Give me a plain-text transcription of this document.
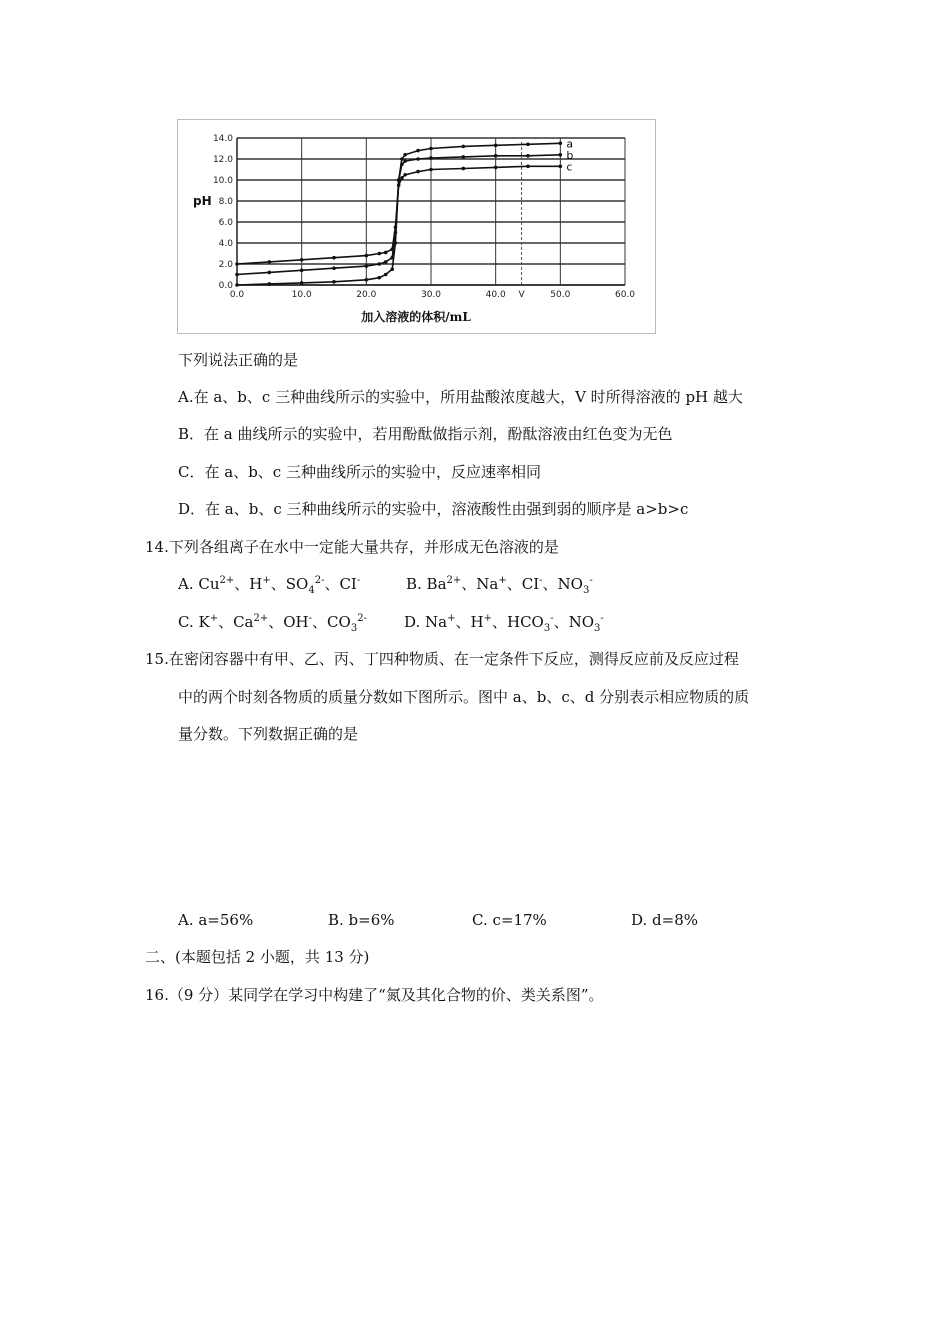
0.0
2.0
4.0
6.0
8.0
10.0
12.0
14.0
0.0	10.0	20.0	30.0	40.0 V	50.0	60.0
pH
加入溶液的体积/mL
a
b
c
下列说法正确的是
A.在 a、b、c 三种曲线所示的实验中，所用盐酸浓度越大，V 时所得溶液的 pH 越大
B．在 a 曲线所示的实验中，若用酚酞做指示剂，酚酞溶液由红色变为无色
C．在 a、b、c 三种曲线所示的实验中，反应速率相同
D．在 a、b、c 三种曲线所示的实验中，溶液酸性由强到弱的顺序是 a>b>c
14.下列各组离子在水中一定能大量共存，并形成无色溶液的是
A. $Cu^{2+}$、H+、$SO_4^{2-}$、CI-	B. $Ba^{2+}$、Na+、CI-、$NO_3^-$
C. K+、$Ca^{2+}$、OH-、$CO_3^{2-}$ D. Na+、H+、$HCO_3^-$、$NO_3^-$
15.在密闭容器中有甲、乙、丙、丁四种物质、在一定条件下反应，测得反应前及反应过程
中的两个时刻各物质的质量分数如下图所示。图中 a、b、c、d 分别表示相应物质的质
量分数。下列数据正确的是
A. a=56%	B. b=6%	C. c=17%	D. d=8%
二、(本题包括 2 小题，共 13 分)
16.（9 分）某同学在学习中构建了“氮及其化合物的价、类关系图”。
